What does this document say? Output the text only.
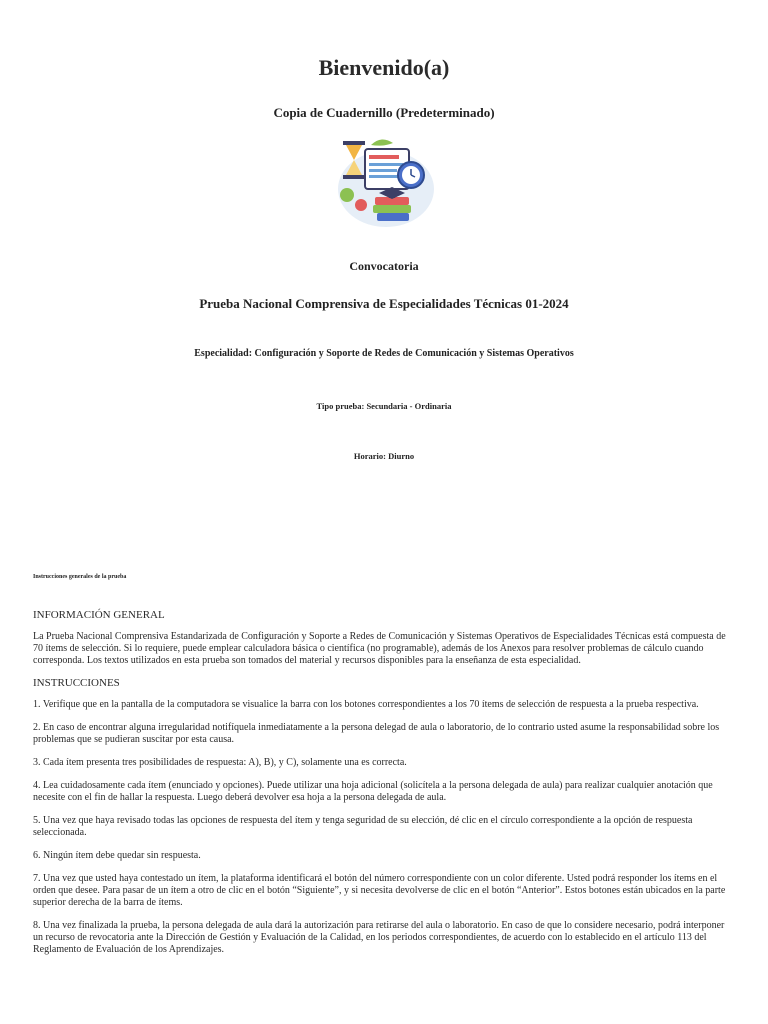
Bienvenido(a)
Copia de Cuadernillo (Predeterminado)
Convocatoria
Prueba Nacional Comprensiva de Especialidades Técnicas 01-2024
Especialidad: Configuración y Soporte de Redes de Comunicación y Sistemas Operativos
Tipo prueba: Secundaria - Ordinaria
Horario: Diurno
Instrucciones generales de la prueba
INFORMACIÓN GENERAL

La Prueba Nacional Comprensiva Estandarizada de Configuración y Soporte a Redes de Comunicación y Sistemas Operativos de Especialidades Técnicas está compuesta de 70 ítems de selección. Si lo requiere, puede emplear calculadora básica o científica (no programable), además de los Anexos para resolver problemas de cálculo cuando corresponda. Los textos utilizados en esta prueba son tomados del material y recursos disponibles para la enseñanza de esta especialidad.

INSTRUCCIONES

1. Verifique que en la pantalla de la computadora se visualice la barra con los botones correspondientes a los 70 ítems de selección de respuesta a la prueba respectiva.

2. En caso de encontrar alguna irregularidad notifíquela inmediatamente a la persona delegad de aula o laboratorio, de lo contrario usted asume la responsabilidad sobre los problemas que se pudieran suscitar por esta causa.

3. Cada ítem presenta tres posibilidades de respuesta: A), B), y C), solamente una es correcta.

4. Lea cuidadosamente cada ítem (enunciado y opciones). Puede utilizar una hoja adicional (solicítela a la persona delegada de aula) para realizar cualquier anotación que necesite con el fin de hallar la respuesta. Luego deberá devolver esa hoja a la persona delegada de aula.

5. Una vez que haya revisado todas las opciones de respuesta del ítem y tenga seguridad de su elección, dé clic en el círculo correspondiente a la opción de respuesta seleccionada.

6. Ningún ítem debe quedar sin respuesta.

7. Una vez que usted haya contestado un ítem, la plataforma identificará el botón del número correspondiente con un color diferente. Usted podrá responder los ítems en el orden que desee. Para pasar de un ítem a otro de clic en el botón “Siguiente”, y si necesita devolverse de clic en el botón “Anterior”. Estos botones están ubicados en la parte superior derecha de la barra de ítems.

8. Una vez finalizada la prueba, la persona delegada de aula dará la autorización para retirarse del aula o laboratorio. En caso de que lo considere necesario, podrá interponer un recurso de revocatoria ante la Dirección de Gestión y Evaluación de la Calidad, en los periodos correspondientes, de acuerdo con lo establecido en el artículo 113 del Reglamento de Evaluación de los Aprendizajes.
